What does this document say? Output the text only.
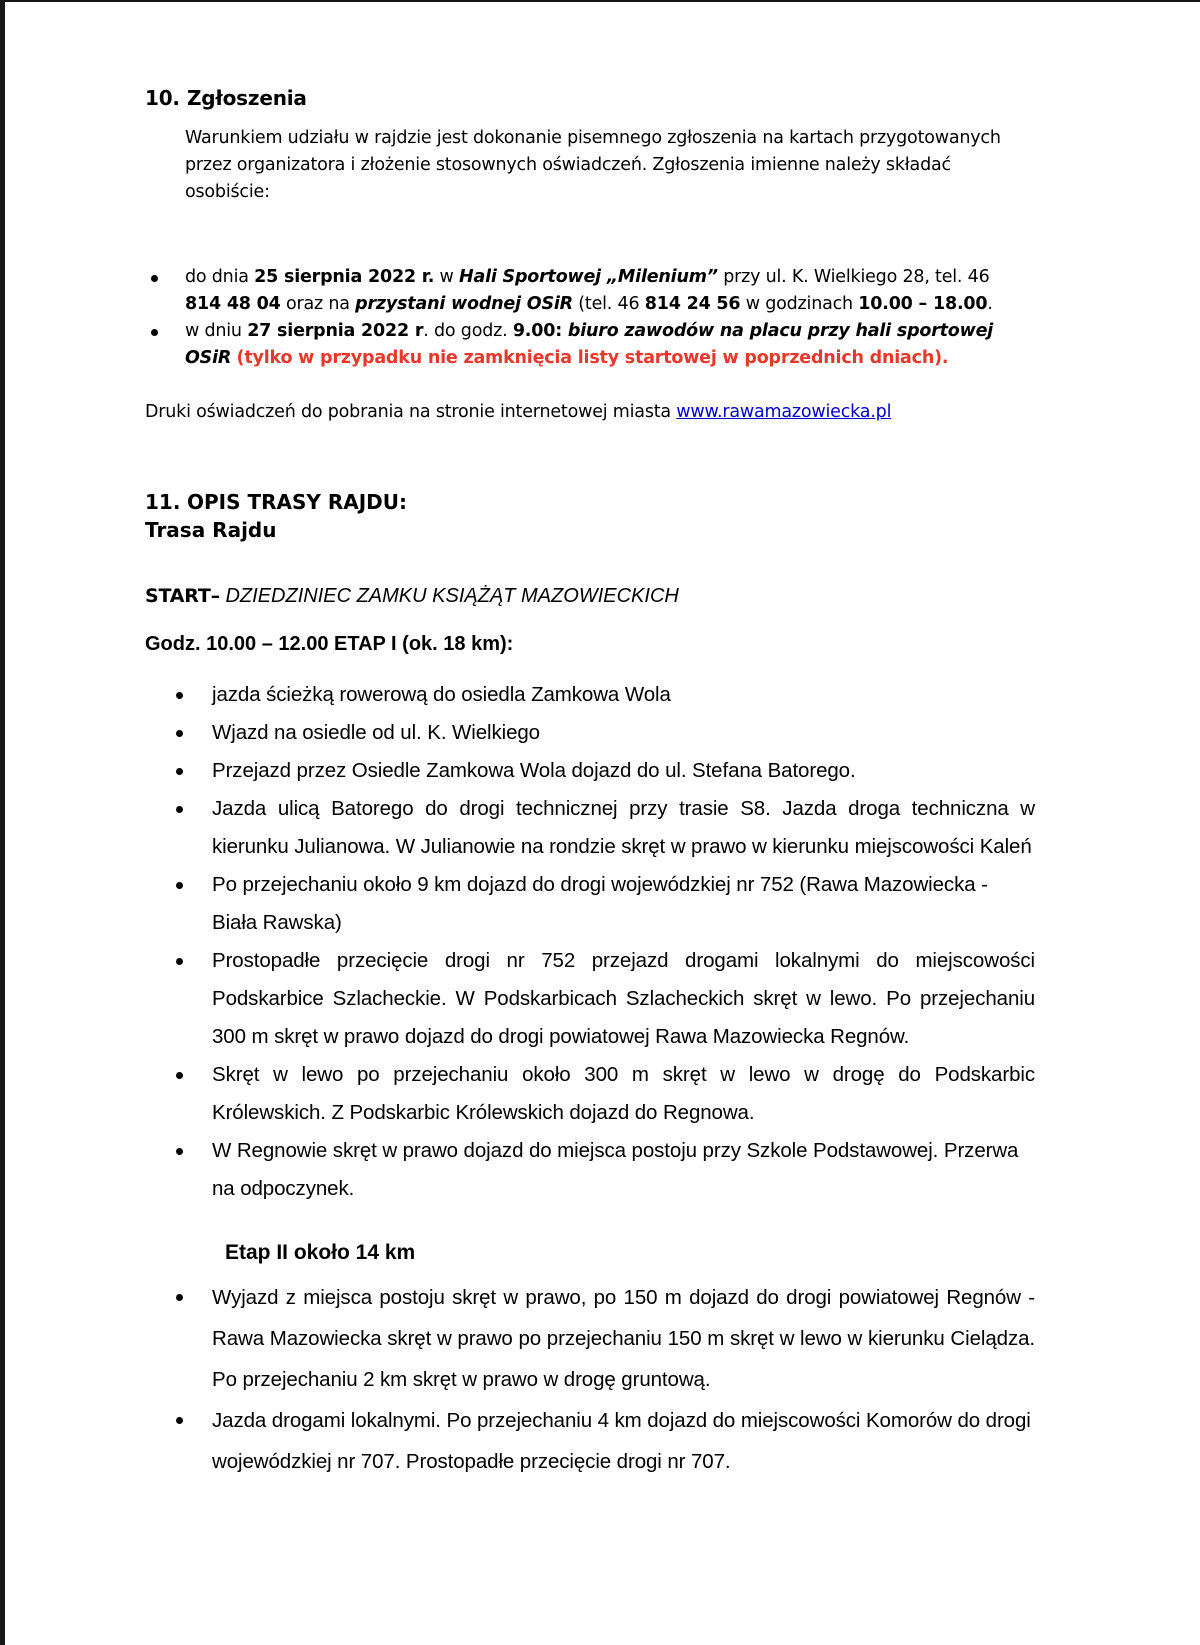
10. Zgłoszenia

Warunkiem udziału w rajdzie jest dokonanie pisemnego zgłoszenia na kartach przygotowanych przez organizatora i złożenie stosownych oświadczeń. Zgłoszenia imienne należy składać osobiście:

do dnia 25 sierpnia 2022 r. w Hali Sportowej „Milenium” przy ul. K. Wielkiego 28, tel. 46 814 48 04 oraz na przystani wodnej OSiR (tel. 46 814 24 56 w godzinach 10.00 – 18.00.
w dniu 27 sierpnia 2022 r. do godz. 9.00: biuro zawodów na placu przy hali sportowej OSiR (tylko w przypadku nie zamknięcia listy startowej w poprzednich dniach).

Druki oświadczeń do pobrania na stronie internetowej miasta www.rawamazowiecka.pl

11. OPIS TRASY RAJDU:
Trasa Rajdu

START– DZIEDZINIEC ZAMKU KSIĄŻĄT MAZOWIECKICH

Godz. 10.00 – 12.00 ETAP I (ok. 18 km):

jazda ścieżką rowerową do osiedla Zamkowa Wola
Wjazd na osiedle od ul. K. Wielkiego
Przejazd przez Osiedle Zamkowa Wola dojazd do ul. Stefana Batorego.
Jazda ulicą Batorego do drogi technicznej przy trasie S8. Jazda droga techniczna w kierunku Julianowa. W Julianowie na rondzie skręt w prawo w kierunku miejscowości Kaleń
Po przejechaniu około 9 km dojazd do drogi wojewódzkiej nr 752 (Rawa Mazowiecka - Biała Rawska)
Prostopadłe przecięcie drogi nr 752 przejazd drogami lokalnymi do miejscowości Podskarbice Szlacheckie. W Podskarbicach Szlacheckich skręt w lewo. Po przejechaniu 300 m skręt w prawo dojazd do drogi powiatowej Rawa Mazowiecka Regnów.
Skręt w lewo po przejechaniu około 300 m skręt w lewo w drogę do Podskarbic Królewskich. Z Podskarbic Królewskich dojazd do Regnowa.
W Regnowie skręt w prawo dojazd do miejsca postoju przy Szkole Podstawowej. Przerwa na odpoczynek.

Etap II około 14 km

Wyjazd z miejsca postoju skręt w prawo, po 150 m dojazd do drogi powiatowej Regnów - Rawa Mazowiecka skręt w prawo po przejechaniu 150 m skręt w lewo w kierunku Cielądza. Po przejechaniu 2 km skręt w prawo w drogę gruntową.
Jazda drogami lokalnymi. Po przejechaniu 4 km dojazd do miejscowości Komorów do drogi wojewódzkiej nr 707. Prostopadłe przecięcie drogi nr 707.
